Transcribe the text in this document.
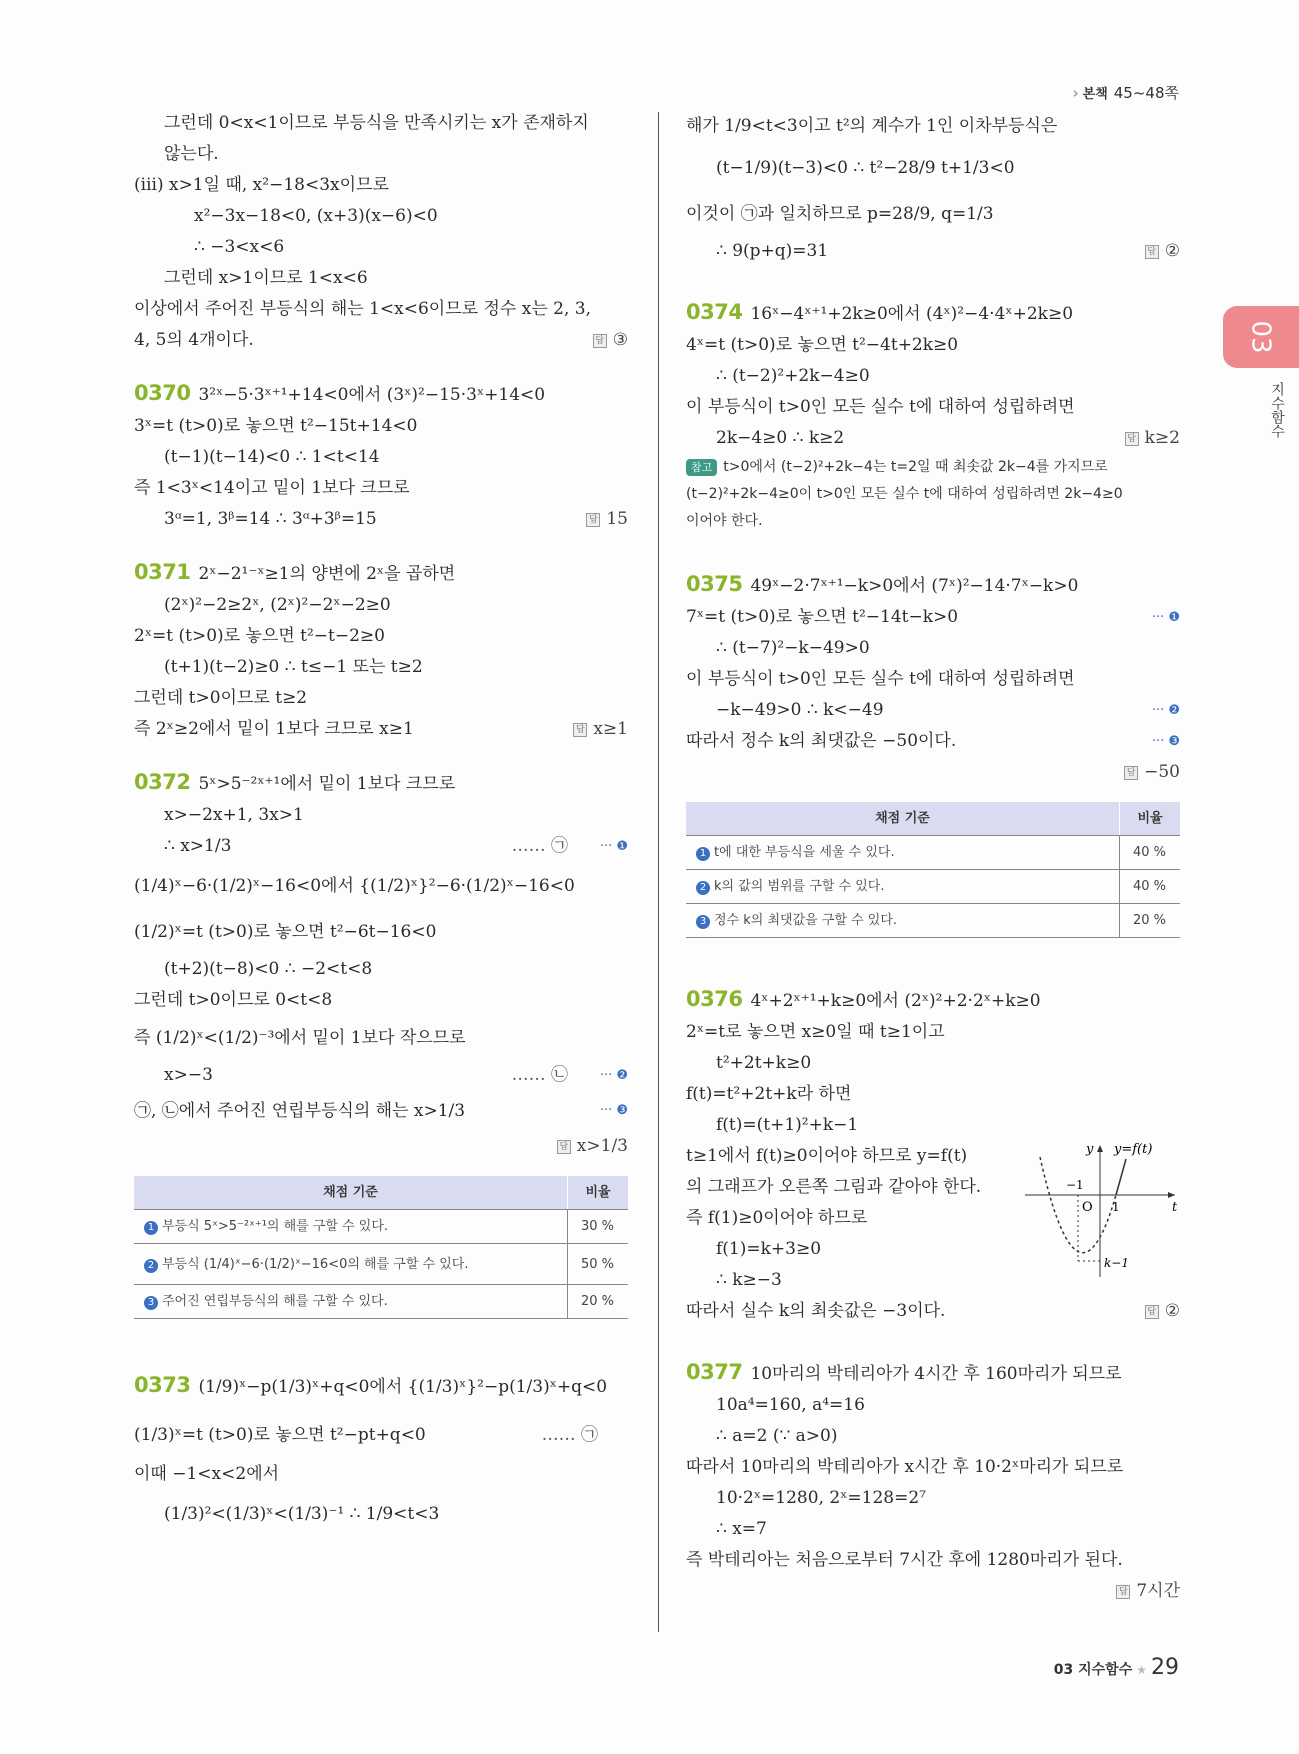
› 본책 45~48쪽
03
지수함수
그런데 0<x<1이므로 부등식을 만족시키는 x가 존재하지
않는다.
(iii) x>1일 때, x²−18<3x이므로
x²−3x−18<0, (x+3)(x−6)<0
∴ −3<x<6
그런데 x>1이므로 1<x<6
이상에서 주어진 부등식의 해는 1<x<6이므로 정수 x는 2, 3,
4, 5의 4개이다.	답 ③
0370 3²ˣ−5·3ˣ⁺¹+14<0에서 (3ˣ)²−15·3ˣ+14<0
3ˣ=t (t>0)로 놓으면 t²−15t+14<0
(t−1)(t−14)<0 ∴ 1<t<14
즉 1<3ˣ<14이고 밑이 1보다 크므로
3ᵅ=1, 3ᵝ=14 ∴ 3ᵅ+3ᵝ=15	답 15
0371 2ˣ−2¹⁻ˣ≥1의 양변에 2ˣ을 곱하면
(2ˣ)²−2≥2ˣ, (2ˣ)²−2ˣ−2≥0
2ˣ=t (t>0)로 놓으면 t²−t−2≥0
(t+1)(t−2)≥0 ∴ t≤−1 또는 t≥2
그런데 t>0이므로 t≥2
즉 2ˣ≥2에서 밑이 1보다 크므로 x≥1	답 x≥1
0372 5ˣ>5⁻²ˣ⁺¹에서 밑이 1보다 크므로
x>−2x+1, 3x>1
∴ x>1/3	…… ㉠ ··· ❶
(1/4)ˣ−6·(1/2)ˣ−16<0에서 {(1/2)ˣ}²−6·(1/2)ˣ−16<0
(1/2)ˣ=t (t>0)로 놓으면 t²−6t−16<0
(t+2)(t−8)<0 ∴ −2<t<8
그런데 t>0이므로 0<t<8
즉 (1/2)ˣ<(1/2)⁻³에서 밑이 1보다 작으므로
x>−3	…… ㉡ ··· ❷
㉠, ㉡에서 주어진 연립부등식의 해는 x>1/3	··· ❸
답 x>1/3
채점 기준	비율
1 부등식 5ˣ>5⁻²ˣ⁺¹의 해를 구할 수 있다.	30 %
2 부등식 (1/4)ˣ−6·(1/2)ˣ−16<0의 해를 구할 수 있다.	50 %
3 주어진 연립부등식의 해를 구할 수 있다.	20 %
0373 (1/9)ˣ−p(1/3)ˣ+q<0에서 {(1/3)ˣ}²−p(1/3)ˣ+q<0
(1/3)ˣ=t (t>0)로 놓으면 t²−pt+q<0	…… ㉠
이때 −1<x<2에서
(1/3)²<(1/3)ˣ<(1/3)⁻¹ ∴ 1/9<t<3
해가 1/9<t<3이고 t²의 계수가 1인 이차부등식은
(t−1/9)(t−3)<0 ∴ t²−28/9 t+1/3<0
이것이 ㉠과 일치하므로 p=28/9, q=1/3
∴ 9(p+q)=31	답 ②
0374 16ˣ−4ˣ⁺¹+2k≥0에서 (4ˣ)²−4·4ˣ+2k≥0
4ˣ=t (t>0)로 놓으면 t²−4t+2k≥0
∴ (t−2)²+2k−4≥0
이 부등식이 t>0인 모든 실수 t에 대하여 성립하려면
2k−4≥0 ∴ k≥2	답 k≥2
참고 t>0에서 (t−2)²+2k−4는 t=2일 때 최솟값 2k−4를 가지므로
(t−2)²+2k−4≥0이 t>0인 모든 실수 t에 대하여 성립하려면 2k−4≥0
이어야 한다.
0375 49ˣ−2·7ˣ⁺¹−k>0에서 (7ˣ)²−14·7ˣ−k>0
7ˣ=t (t>0)로 놓으면 t²−14t−k>0	··· ❶
∴ (t−7)²−k−49>0
이 부등식이 t>0인 모든 실수 t에 대하여 성립하려면
−k−49>0 ∴ k<−49	··· ❷
따라서 정수 k의 최댓값은 −50이다.	··· ❸
답 −50
채점 기준	비율
1 t에 대한 부등식을 세울 수 있다.	40 %
2 k의 값의 범위를 구할 수 있다.	40 %
3 정수 k의 최댓값을 구할 수 있다.	20 %
0376 4ˣ+2ˣ⁺¹+k≥0에서 (2ˣ)²+2·2ˣ+k≥0
2ˣ=t로 놓으면 x≥0일 때 t≥1이고
t²+2t+k≥0
f(t)=t²+2t+k라 하면
f(t)=(t+1)²+k−1
y y=f(t)
t
O
−1
1
k−1
t≥1에서 f(t)≥0이어야 하므로 y=f(t)
의 그래프가 오른쪽 그림과 같아야 한다.
즉 f(1)≥0이어야 하므로
f(1)=k+3≥0
∴ k≥−3
따라서 실수 k의 최솟값은 −3이다.	답 ②
0377 10마리의 박테리아가 4시간 후 160마리가 되므로
10a⁴=160, a⁴=16
∴ a=2 (∵ a>0)
따라서 10마리의 박테리아가 x시간 후 10·2ˣ마리가 되므로
10·2ˣ=1280, 2ˣ=128=2⁷
∴ x=7
즉 박테리아는 처음으로부터 7시간 후에 1280마리가 된다.
답 7시간
03 지수함수 ★ 29
